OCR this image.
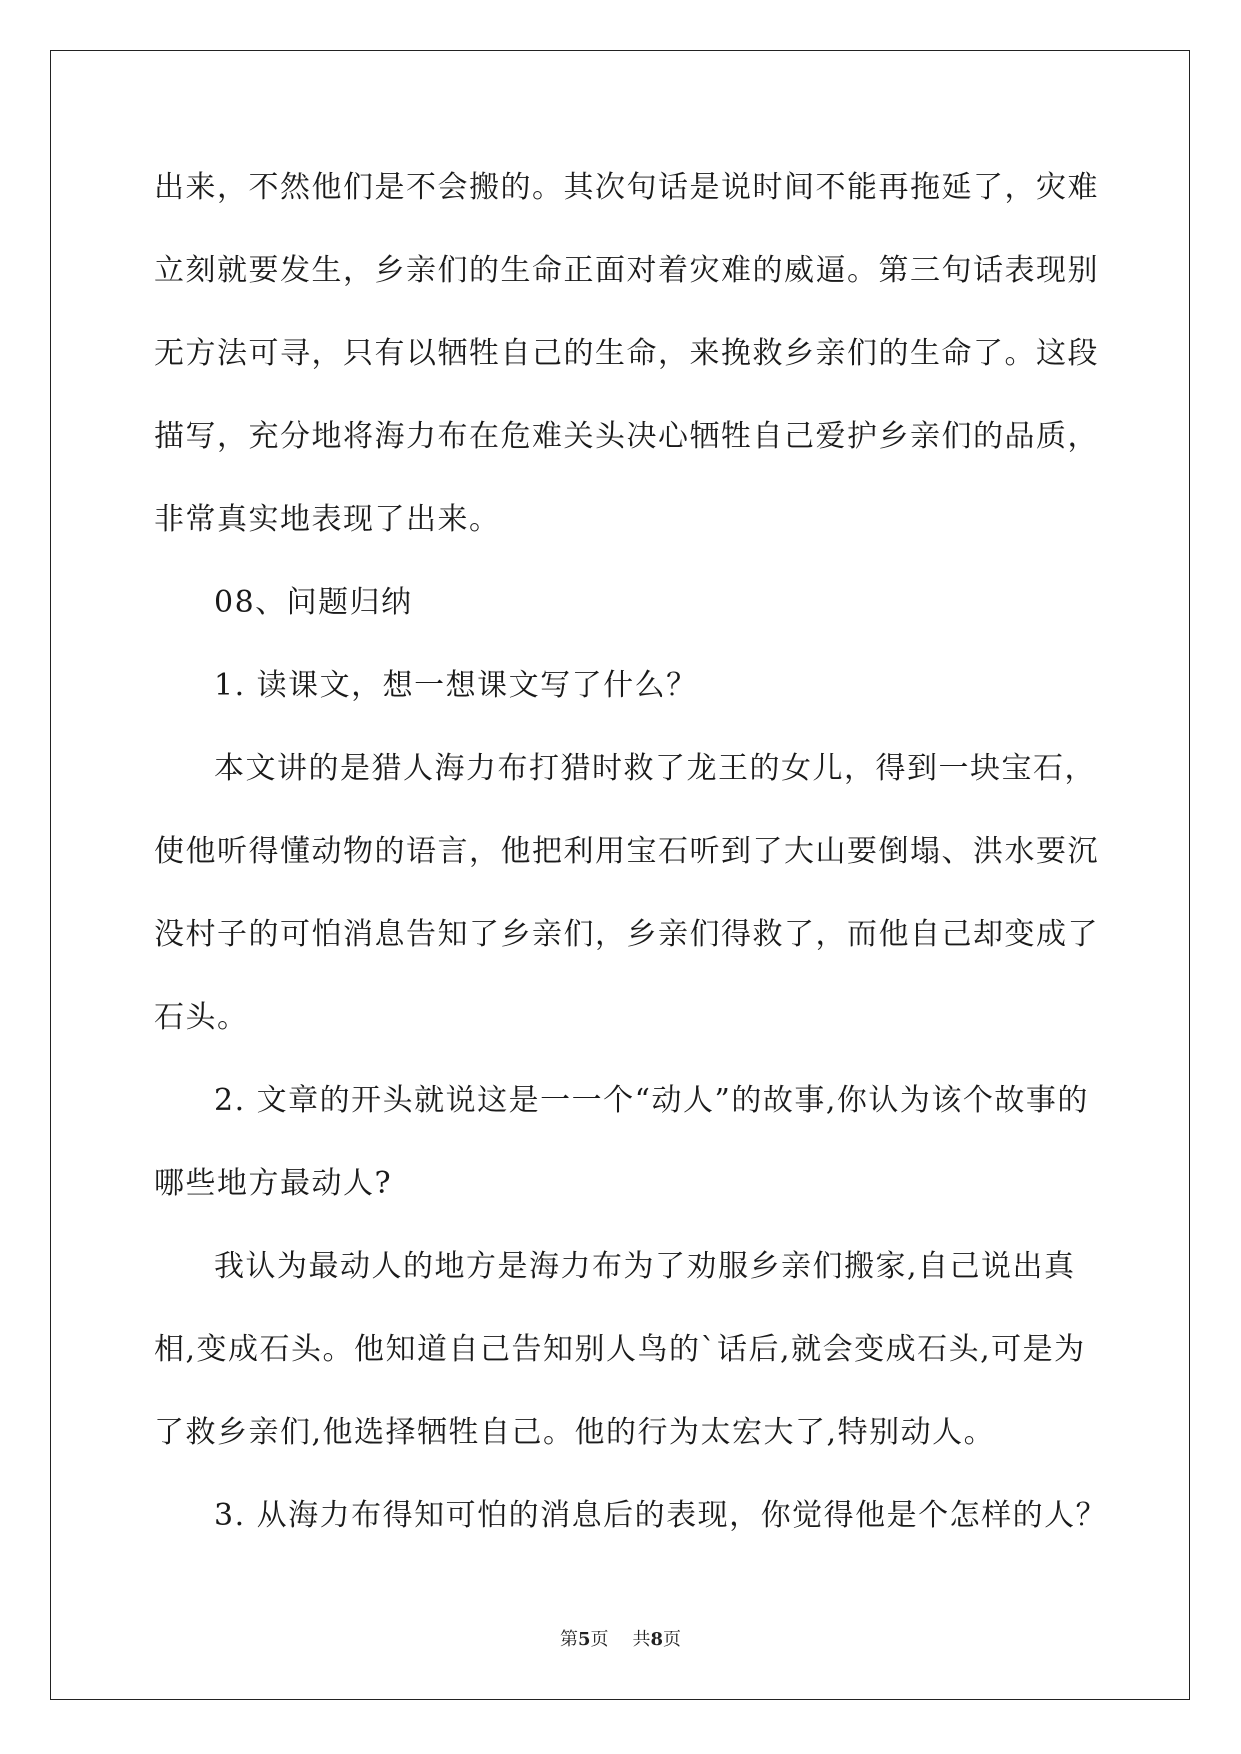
出来，不然他们是不会搬的。其次句话是说时间不能再拖延了，灾难
立刻就要发生，乡亲们的生命正面对着灾难的威逼。第三句话表现别
无方法可寻，只有以牺牲自己的生命，来挽救乡亲们的生命了。这段
描写，充分地将海力布在危难关头决心牺牲自己爱护乡亲们的品质，
非常真实地表现了出来。
08、问题归纳
1. 读课文，想一想课文写了什么？
本文讲的是猎人海力布打猎时救了龙王的女儿，得到一块宝石，
使他听得懂动物的语言，他把利用宝石听到了大山要倒塌、洪水要沉
没村子的可怕消息告知了乡亲们，乡亲们得救了，而他自己却变成了
石头。
2. 文章的开头就说这是一一个“动人”的故事,你认为该个故事的
哪些地方最动人?
我认为最动人的地方是海力布为了劝服乡亲们搬家,自己说出真
相,变成石头。他知道自己告知别人鸟的`话后,就会变成石头,可是为
了救乡亲们,他选择牺牲自己。他的行为太宏大了,特别动人。
3. 从海力布得知可怕的消息后的表现，你觉得他是个怎样的人？
第5页 共8页
